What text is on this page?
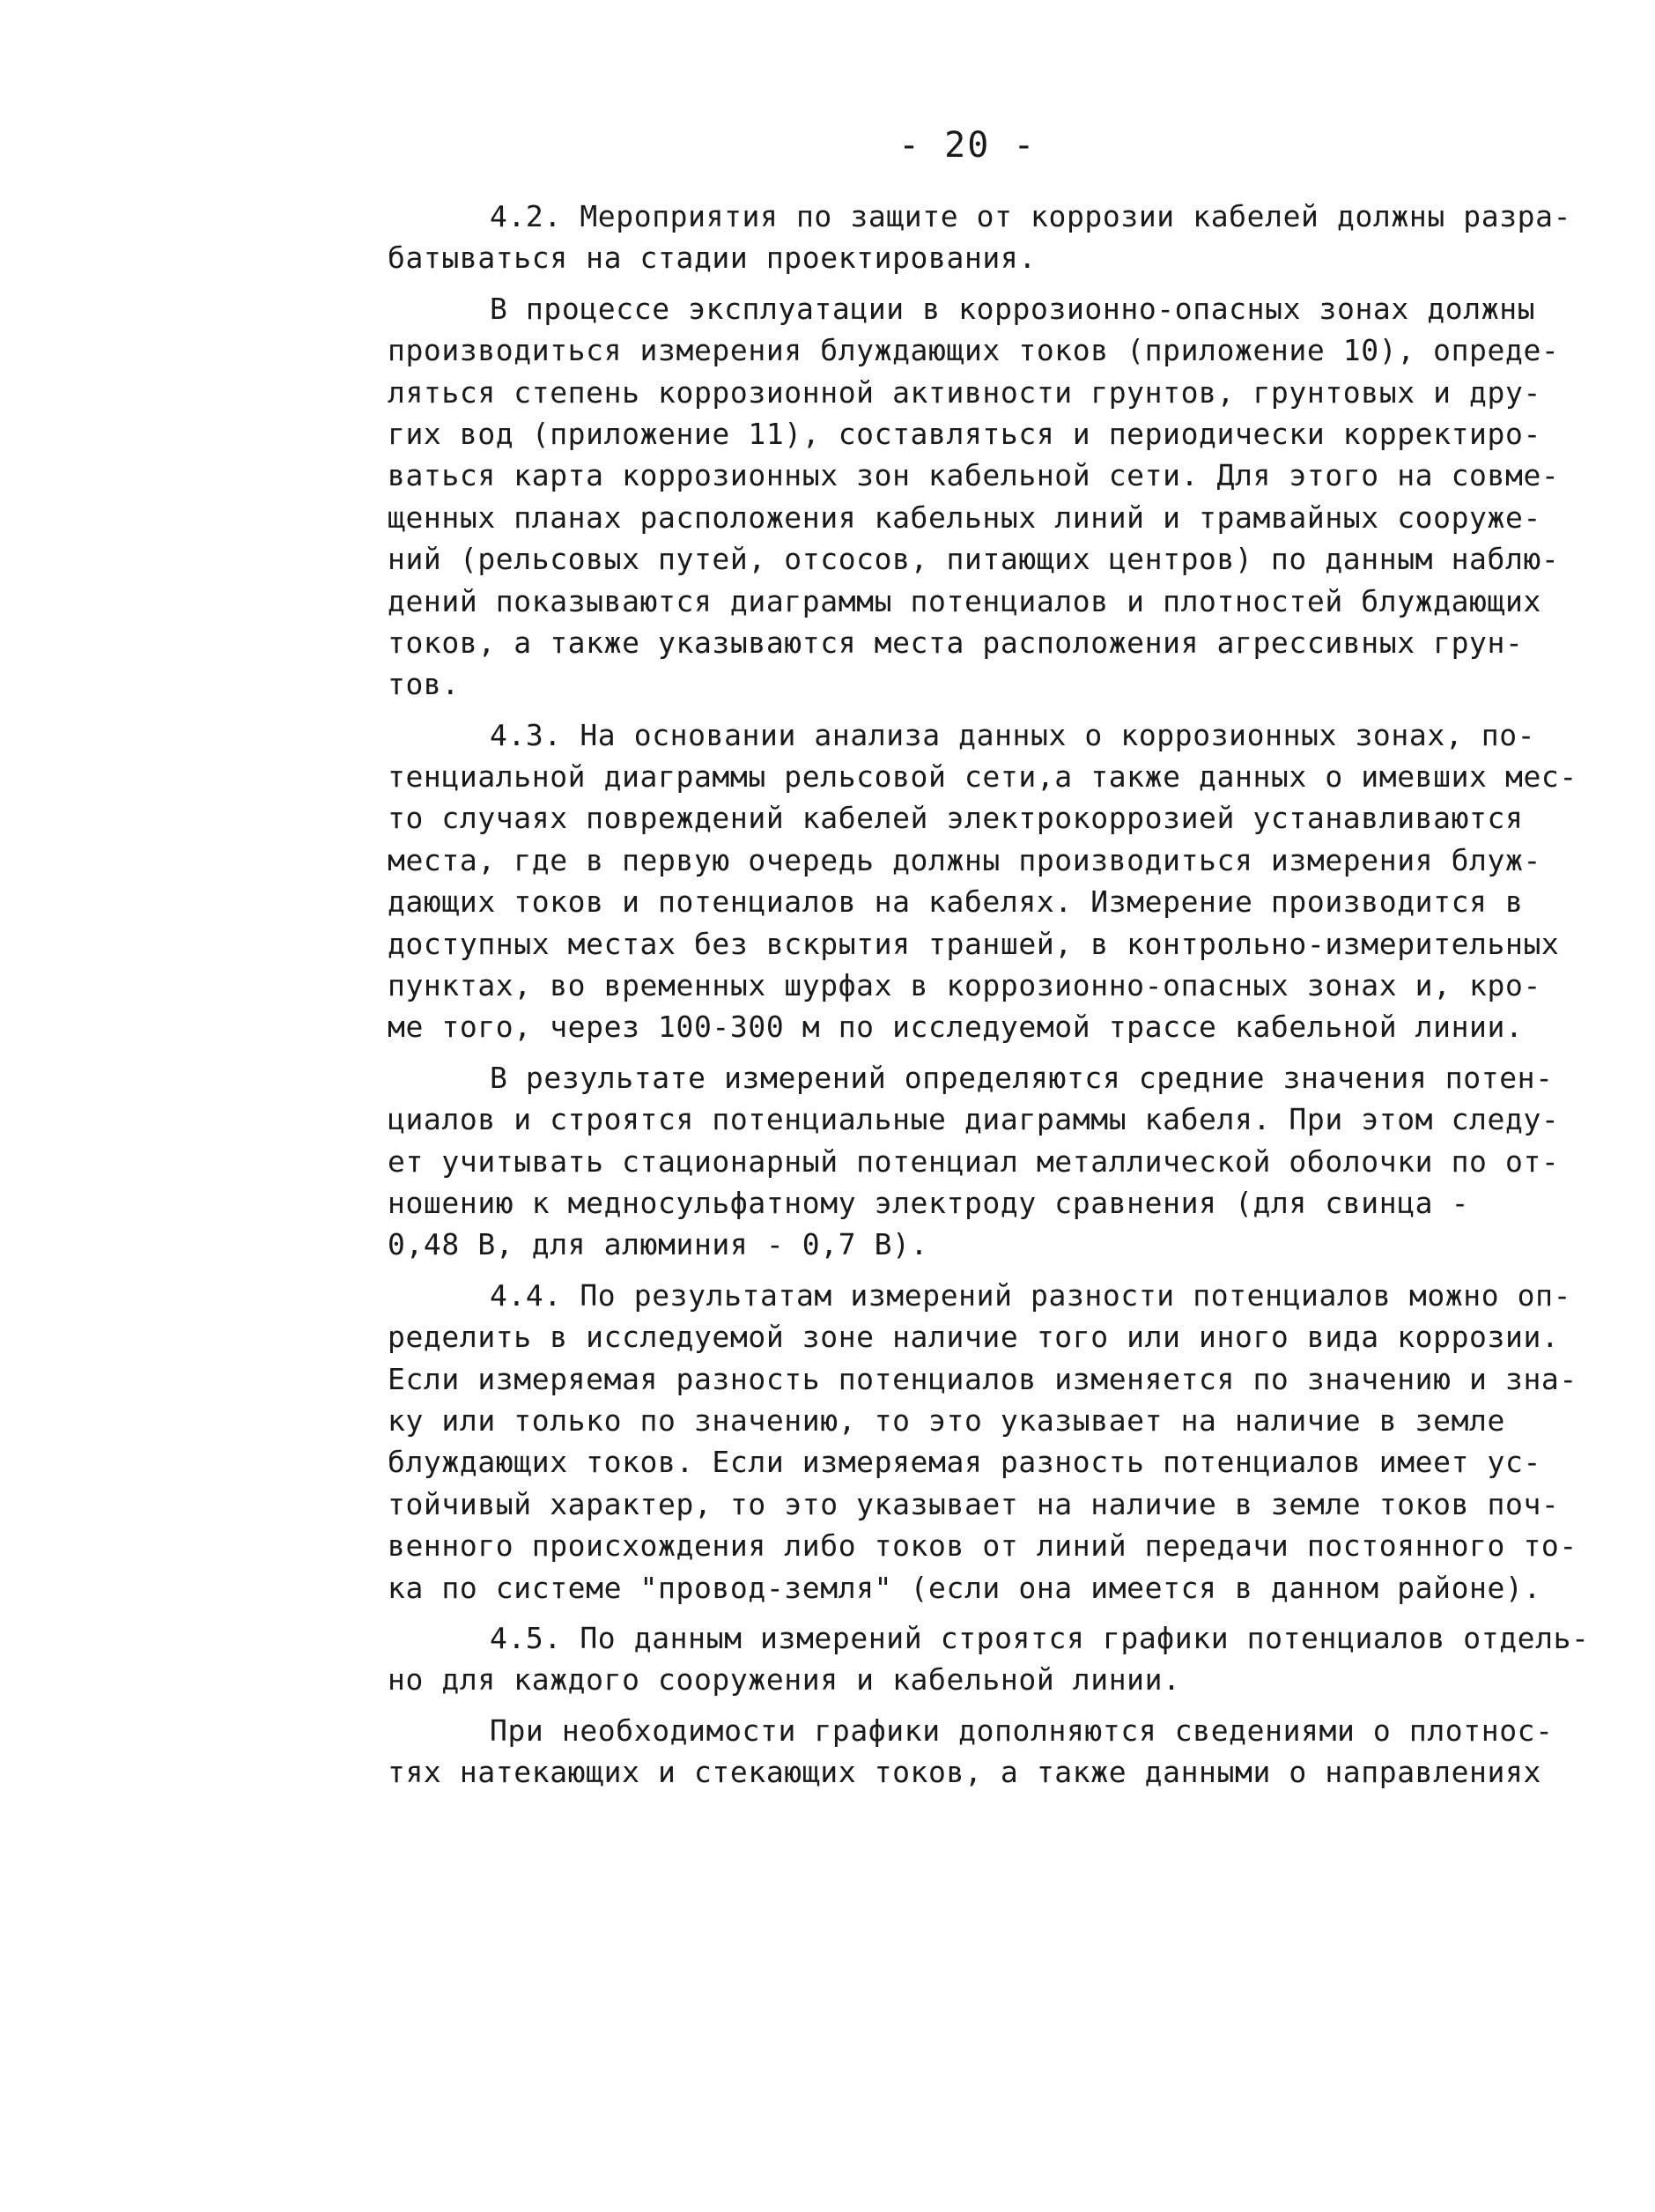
- 20 -
4.2. Мероприятия по защите от коррозии кабелей должны разра-
батываться на стадии проектирования.
В процессе эксплуатации в коррозионно-опасных зонах должны
производиться измерения блуждающих токов (приложение 10), опреде-
ляться степень коррозионной активности грунтов, грунтовых и дру-
гих вод (приложение 11), составляться и периодически корректиро-
ваться карта коррозионных зон кабельной сети. Для этого на совме-
щенных планах расположения кабельных линий и трамвайных сооруже-
ний (рельсовых путей, отсосов, питающих центров) по данным наблю-
дений показываются диаграммы потенциалов и плотностей блуждающих
токов, а также указываются места расположения агрессивных грун-
тов.
4.3. На основании анализа данных о коррозионных зонах, по-
тенциальной диаграммы рельсовой сети,а также данных о имевших мес-
то случаях повреждений кабелей электрокоррозией устанавливаются
места, где в первую очередь должны производиться измерения блуж-
дающих токов и потенциалов на кабелях. Измерение производится в
доступных местах без вскрытия траншей, в контрольно-измерительных
пунктах, во временных шурфах в коррозионно-опасных зонах и, кро-
ме того, через 100-300 м по исследуемой трассе кабельной линии.
В результате измерений определяются средние значения потен-
циалов и строятся потенциальные диаграммы кабеля. При этом следу-
ет учитывать стационарный потенциал металлической оболочки по от-
ношению к медносульфатному электроду сравнения (для свинца -
0,48 В, для алюминия - 0,7 В).
4.4. По результатам измерений разности потенциалов можно оп-
ределить в исследуемой зоне наличие того или иного вида коррозии.
Если измеряемая разность потенциалов изменяется по значению и зна-
ку или только по значению, то это указывает на наличие в земле
блуждающих токов. Если измеряемая разность потенциалов имеет ус-
тойчивый характер, то это указывает на наличие в земле токов поч-
венного происхождения либо токов от линий передачи постоянного то-
ка по системе "провод-земля" (если она имеется в данном районе).
4.5. По данным измерений строятся графики потенциалов отдель-
но для каждого сооружения и кабельной линии.
При необходимости графики дополняются сведениями о плотнос-
тях натекающих и стекающих токов, а также данными о направлениях
